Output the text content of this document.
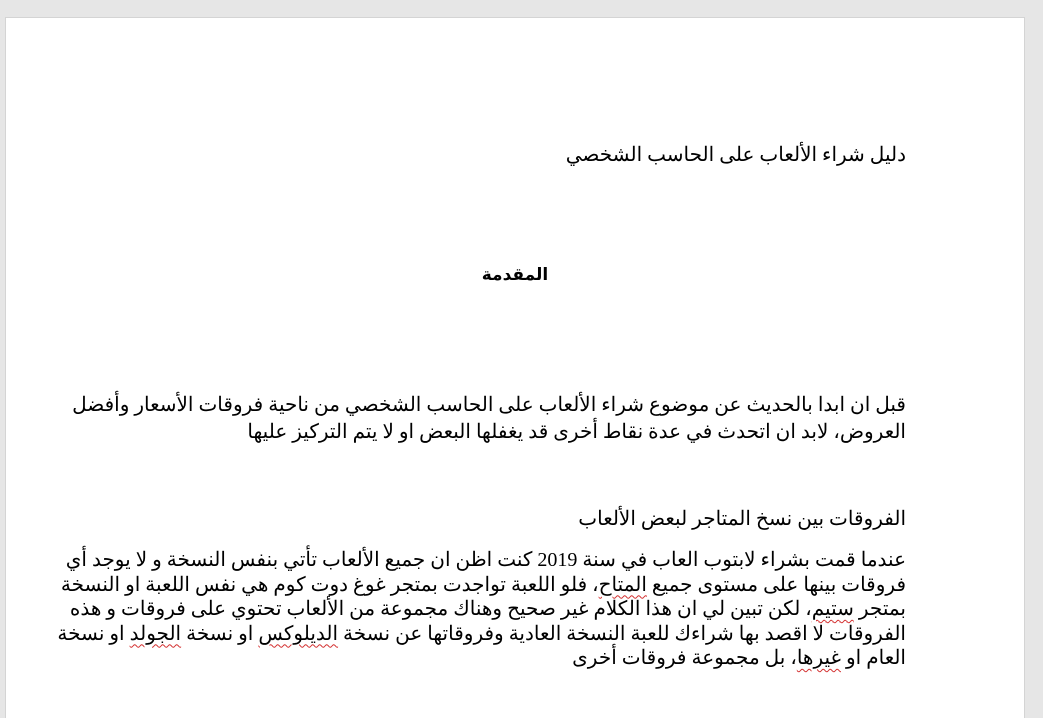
دليل شراء الألعاب على الحاسب الشخصي
المقدمة
قبل ان ابدا بالحديث عن موضوع شراء الألعاب على الحاسب الشخصي من ناحية فروقات الأسعار وأفضل
العروض، لابد ان اتحدث في عدة نقاط أخرى قد يغفلها البعض او لا يتم التركيز عليها
الفروقات بين نسخ المتاجر لبعض الألعاب
عندما قمت بشراء لابتوب العاب في سنة 2019 كنت اظن ان جميع الألعاب تأتي بنفس النسخة و لا يوجد أي
فروقات بينها على مستوى جميع المتاح، فلو اللعبة تواجدت بمتجر غوغ دوت كوم هي نفس اللعبة او النسخة
بمتجر ستيم، لكن تبين لي ان هذا الكلام غير صحيح وهناك مجموعة من الألعاب تحتوي على فروقات و هذه
الفروقات لا اقصد بها شراءك للعبة النسخة العادية وفروقاتها عن نسخة الديلوكس او نسخة الجولد او نسخة
العام او غيرها، بل مجموعة فروقات أخرى
